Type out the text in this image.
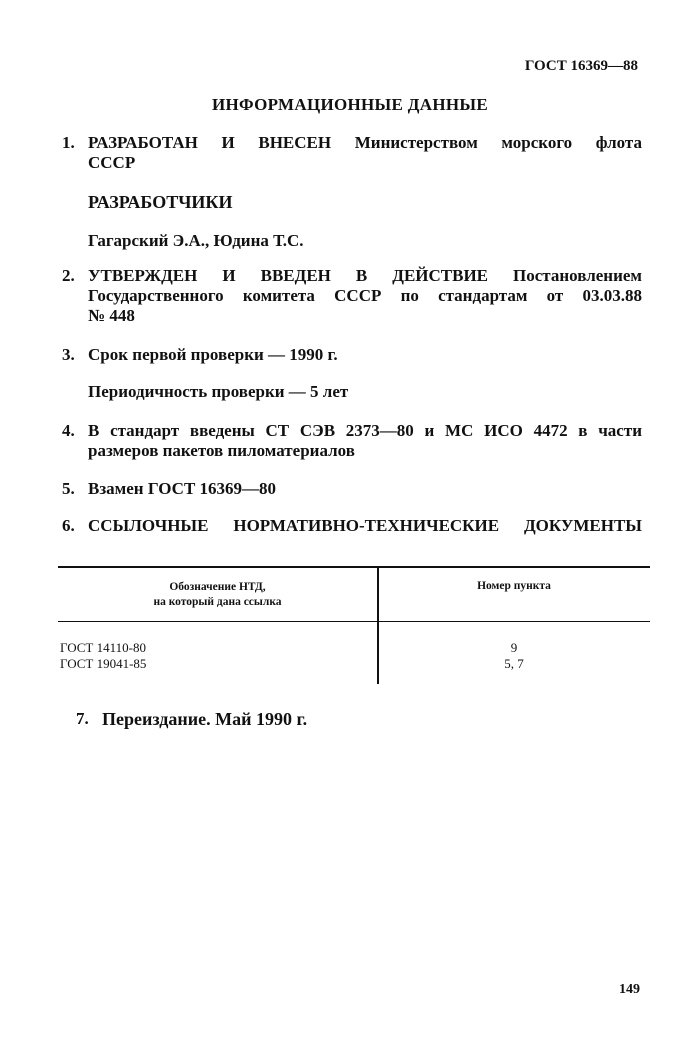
ГОСТ 16369—88
ИНФОРМАЦИОННЫЕ ДАННЫЕ
1. РАЗРАБОТАН И ВНЕСЕН Министерством морского флота
СССР
РАЗРАБОТЧИКИ
Гагарский Э.А., Юдина Т.С.
2. УТВЕРЖДЕН И ВВЕДЕН В ДЕЙСТВИЕ Постановлением
Государственного комитета СССР по стандартам от 03.03.88
№ 448
3. Срок первой проверки — 1990 г.
Периодичность проверки — 5 лет
4. В стандарт введены СТ СЭВ 2373—80 и МС ИСО 4472 в части
размеров пакетов пиломатериалов
5. Взамен ГОСТ 16369—80
6. ССЫЛОЧНЫЕ НОРМАТИВНО-ТЕХНИЧЕСКИЕ ДОКУМЕНТЫ
Обозначение НТД,
на который дана ссылка
Номер пункта
ГОСТ 14110-80	9
ГОСТ 19041-85	5, 7
7. Переиздание. Май 1990 г.
149
